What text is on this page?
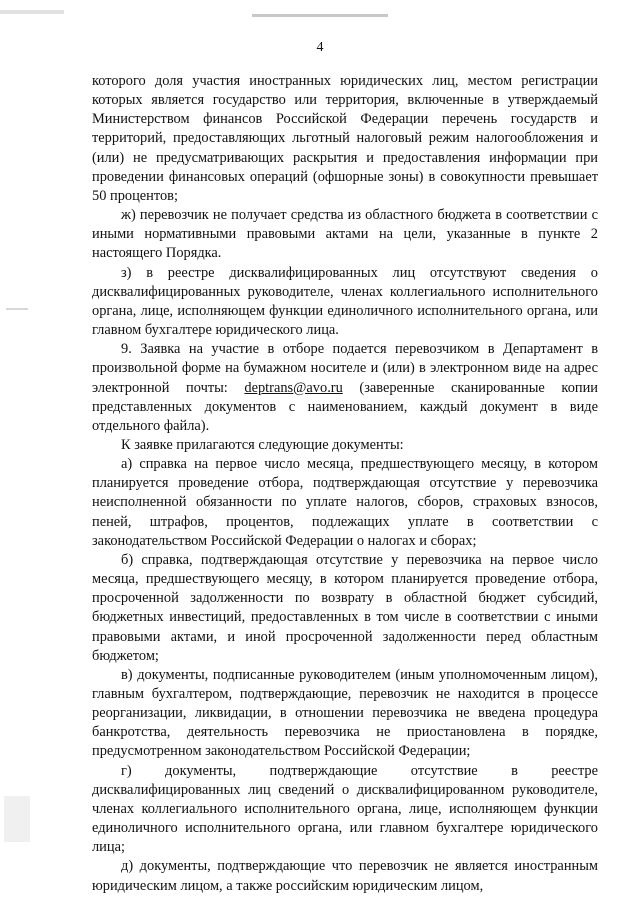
4

которого доля участия иностранных юридических лиц, местом регистрации которых является государство или территория, включенные в утверждаемый Министерством финансов Российской Федерации перечень государств и территорий, предоставляющих льготный налоговый режим налогообложения и (или) не предусматривающих раскрытия и предоставления информации при проведении финансовых операций (офшорные зоны) в совокупности превышает 50 процентов;

ж) перевозчик не получает средства из областного бюджета в соответствии с иными нормативными правовыми актами на цели, указанные в пункте 2 настоящего Порядка.

з) в реестре дисквалифицированных лиц отсутствуют сведения о дисквалифицированных руководителе, членах коллегиального исполнительного органа, лице, исполняющем функции единоличного исполнительного органа, или главном бухгалтере юридического лица.

9. Заявка на участие в отборе подается перевозчиком в Департамент в произвольной форме на бумажном носителе и (или) в электронном виде на адрес электронной почты: deptrans@avo.ru (заверенные сканированные копии представленных документов с наименованием, каждый документ в виде отдельного файла).

К заявке прилагаются следующие документы:

а) справка на первое число месяца, предшествующего месяцу, в котором планируется проведение отбора, подтверждающая отсутствие у перевозчика неисполненной обязанности по уплате налогов, сборов, страховых взносов, пеней, штрафов, процентов, подлежащих уплате в соответствии с законодательством Российской Федерации о налогах и сборах;

б) справка, подтверждающая отсутствие у перевозчика на первое число месяца, предшествующего месяцу, в котором планируется проведение отбора, просроченной задолженности по возврату в областной бюджет субсидий, бюджетных инвестиций, предоставленных в том числе в соответствии с иными правовыми актами, и иной просроченной задолженности перед областным бюджетом;

в) документы, подписанные руководителем (иным уполномоченным лицом), главным бухгалтером, подтверждающие, перевозчик не находится в процессе реорганизации, ликвидации, в отношении перевозчика не введена процедура банкротства, деятельность перевозчика не приостановлена в порядке, предусмотренном законодательством Российской Федерации;

г) документы, подтверждающие отсутствие в реестре дисквалифицированных лиц сведений о дисквалифицированном руководителе, членах коллегиального исполнительного органа, лице, исполняющем функции единоличного исполнительного органа, или главном бухгалтере юридического лица;

д) документы, подтверждающие что перевозчик не является иностранным юридическим лицом, а также российским юридическим лицом,
